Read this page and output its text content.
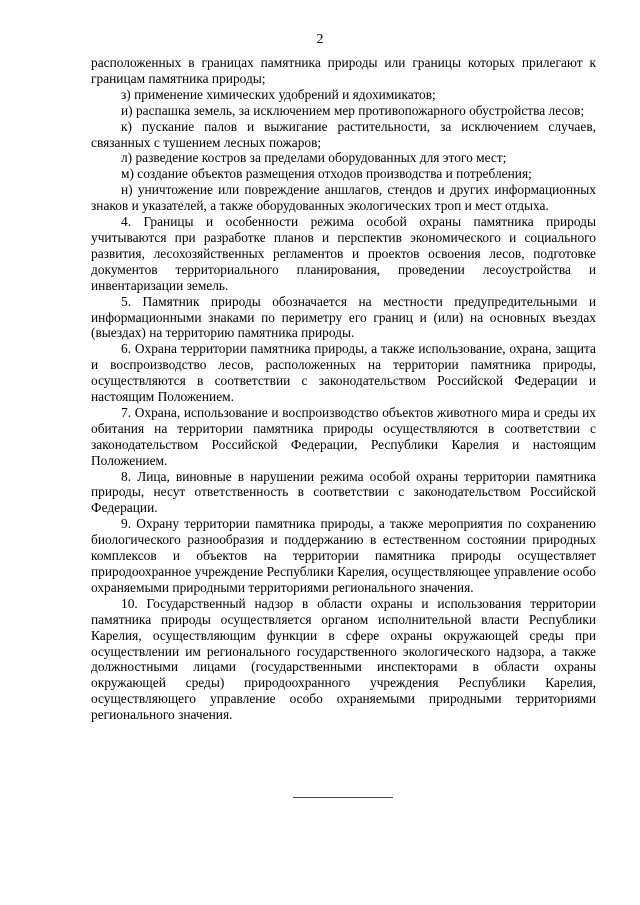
2

расположенных в границах памятника природы или границы которых прилегают к границам памятника природы;

з) применение химических удобрений и ядохимикатов;

и) распашка земель, за исключением мер противопожарного обустройства лесов;

к) пускание палов и выжигание растительности, за исключением случаев, связанных с тушением лесных пожаров;

л) разведение костров за пределами оборудованных для этого мест;

м) создание объектов размещения отходов производства и потребления;

н) уничтожение или повреждение аншлагов, стендов и других информационных знаков и указателей, а также оборудованных экологических троп и мест отдыха.

4. Границы и особенности режима особой охраны памятника природы учитываются при разработке планов и перспектив экономического и социального развития, лесохозяйственных регламентов и проектов освоения лесов, подготовке документов территориального планирования, проведении лесоустройства и инвентаризации земель.

5. Памятник природы обозначается на местности предупредительными и информационными знаками по периметру его границ и (или) на основных въездах (выездах) на территорию памятника природы.

6. Охрана территории памятника природы, а также использование, охрана, защита и воспроизводство лесов, расположенных на территории памятника природы, осуществляются в соответствии с законодательством Российской Федерации и настоящим Положением.

7. Охрана, использование и воспроизводство объектов животного мира и среды их обитания на территории памятника природы осуществляются в соответствии с законодательством Российской Федерации, Республики Карелия и настоящим Положением.

8. Лица, виновные в нарушении режима особой охраны территории памятника природы, несут ответственность в соответствии с законодательством Российской Федерации.

9. Охрану территории памятника природы, а также мероприятия по сохранению биологического разнообразия и поддержанию в естественном состоянии природных комплексов и объектов на территории памятника природы осуществляет природоохранное учреждение Республики Карелия, осуществляющее управление особо охраняемыми природными территориями регионального значения.

10. Государственный надзор в области охраны и использования территории памятника природы осуществляется органом исполнительной власти Республики Карелия, осуществляющим функции в сфере охраны окружающей среды при осуществлении им регионального государственного экологического надзора, а также должностными лицами (государственными инспекторами в области охраны окружающей среды) природоохранного учреждения Республики Карелия, осуществляющего управление особо охраняемыми природными территориями регионального значения.
